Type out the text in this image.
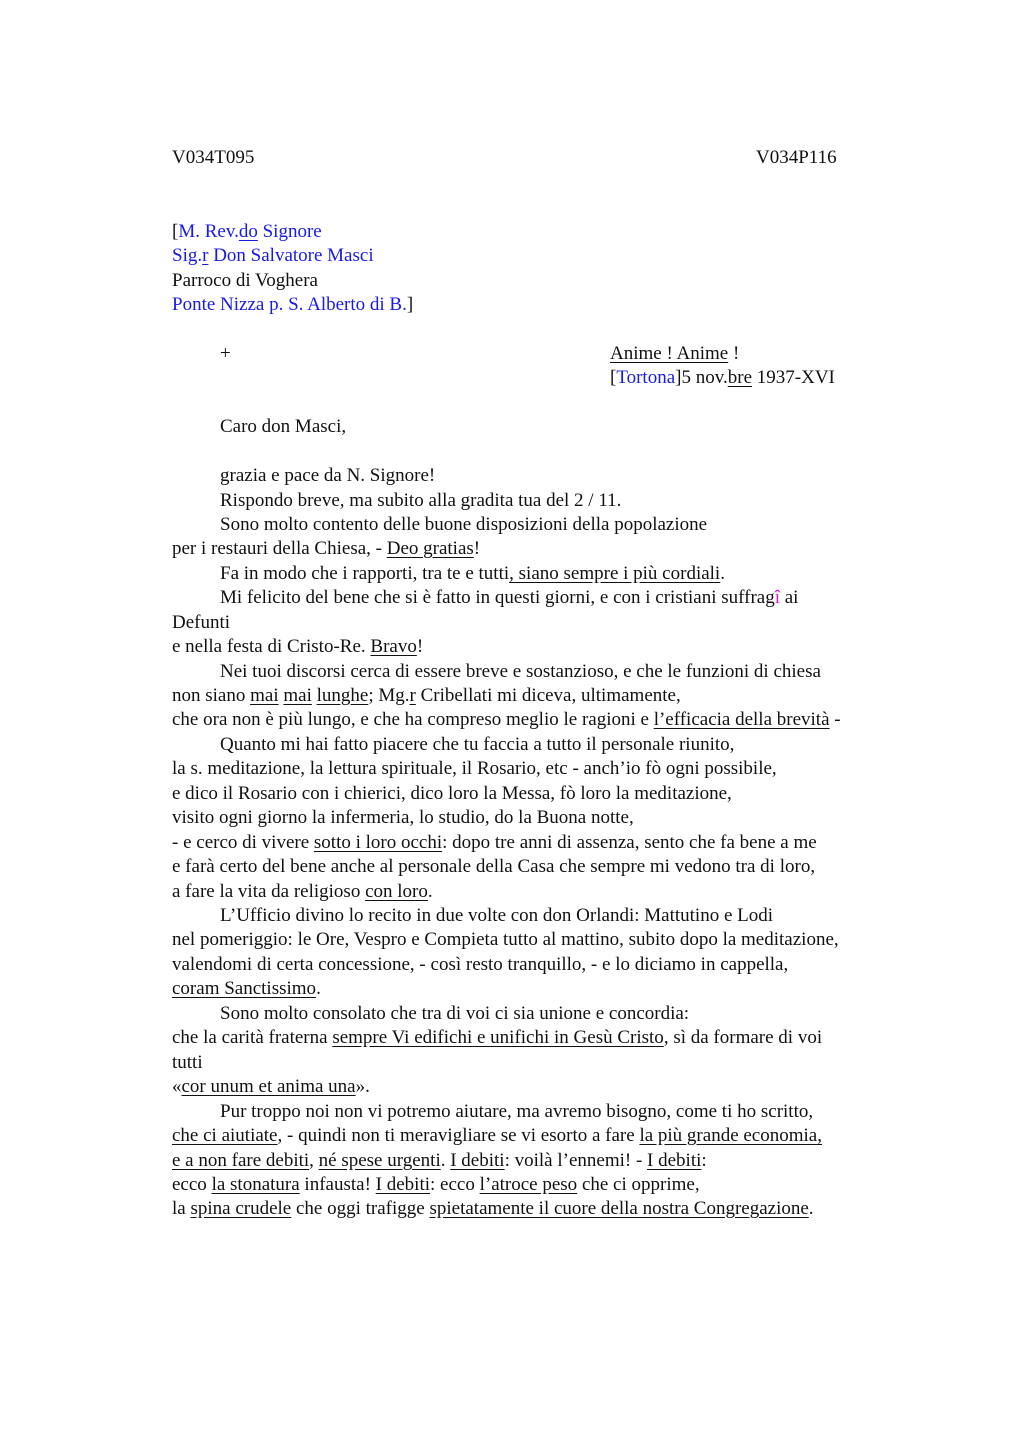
V034T095	V034P116
[M. Rev.do Signore
Sig.r Don Salvatore Masci
Parroco di Voghera
Ponte Nizza p. S. Alberto di B.]
+	Anime ! Anime !
[Tortona]5 nov.bre 1937-XVI
Caro don Masci,
grazia e pace da N. Signore!
Rispondo breve, ma subito alla gradita tua del 2 / 11.
Sono molto contento delle buone disposizioni della popolazione
per i restauri della Chiesa, - Deo gratias!
Fa in modo che i rapporti, tra te e tutti, siano sempre i più cordiali.
Mi felicito del bene che si è fatto in questi giorni, e con i cristiani suffragî ai
Defunti
e nella festa di Cristo-Re. Bravo!
Nei tuoi discorsi cerca di essere breve e sostanzioso, e che le funzioni di chiesa
non siano mai mai lunghe; Mg.r Cribellati mi diceva, ultimamente,
che ora non è più lungo, e che ha compreso meglio le ragioni e l’efficacia della brevità -
Quanto mi hai fatto piacere che tu faccia a tutto il personale riunito,
la s. meditazione, la lettura spirituale, il Rosario, etc - anch’io fò ogni possibile,
e dico il Rosario con i chierici, dico loro la Messa, fò loro la meditazione,
visito ogni giorno la infermeria, lo studio, do la Buona notte,
- e cerco di vivere sotto i loro occhi: dopo tre anni di assenza, sento che fa bene a me
e farà certo del bene anche al personale della Casa che sempre mi vedono tra di loro,
a fare la vita da religioso con loro.
L’Ufficio divino lo recito in due volte con don Orlandi: Mattutino e Lodi
nel pomeriggio: le Ore, Vespro e Compieta tutto al mattino, subito dopo la meditazione,
valendomi di certa concessione, - così resto tranquillo, - e lo diciamo in cappella,
coram Sanctissimo.
Sono molto consolato che tra di voi ci sia unione e concordia:
che la carità fraterna sempre Vi edifichi e unifichi in Gesù Cristo, sì da formare di voi
tutti
«cor unum et anima una».
Pur troppo noi non vi potremo aiutare, ma avremo bisogno, come ti ho scritto,
che ci aiutiate, - quindi non ti meravigliare se vi esorto a fare la più grande economia,
e a non fare debiti, né spese urgenti. I debiti: voilà l’ennemi! - I debiti:
ecco la stonatura infausta! I debiti: ecco l’atroce peso che ci opprime,
la spina crudele che oggi trafigge spietatamente il cuore della nostra Congregazione.
